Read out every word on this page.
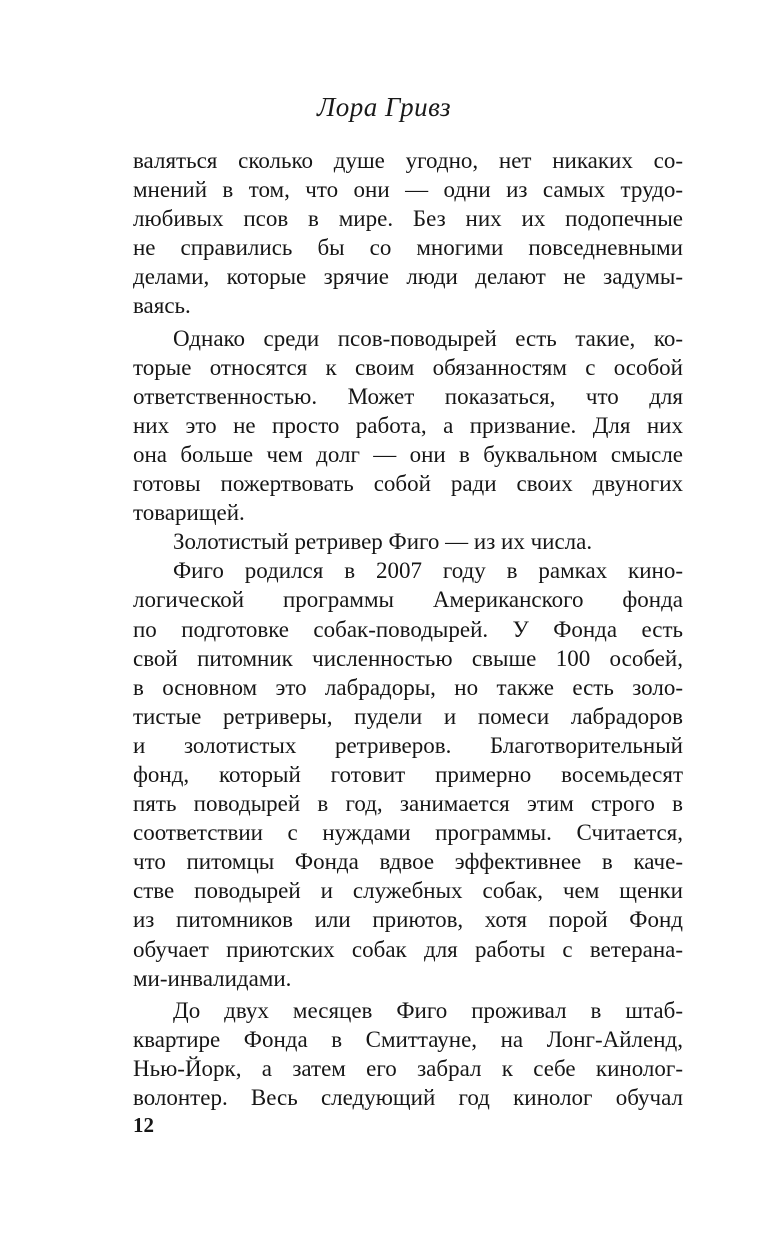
Лора Гривз
валяться сколько душе угодно, нет никаких со-
мнений в том, что они — одни из самых трудо-
любивых псов в мире. Без них их подопечные
не справились бы со многими повседневными
делами, которые зрячие люди делают не задумы-
ваясь.
Однако среди псов-поводырей есть такие, ко-
торые относятся к своим обязанностям с особой
ответственностью. Может показаться, что для
них это не просто работа, а призвание. Для них
она больше чем долг — они в буквальном смысле
готовы пожертвовать собой ради своих двуногих
товарищей.
Золотистый ретривер Фиго — из их числа.
Фиго родился в 2007 году в рамках кино-
логической программы Американского фонда
по подготовке собак-поводырей. У Фонда есть
свой питомник численностью свыше 100 особей,
в основном это лабрадоры, но также есть золо-
тистые ретриверы, пудели и помеси лабрадоров
и золотистых ретриверов. Благотворительный
фонд, который готовит примерно восемьдесят
пять поводырей в год, занимается этим строго в
соответствии с нуждами программы. Считается,
что питомцы Фонда вдвое эффективнее в каче-
стве поводырей и служебных собак, чем щенки
из питомников или приютов, хотя порой Фонд
обучает приютских собак для работы с ветерана-
ми-инвалидами.
До двух месяцев Фиго проживал в штаб-
квартире Фонда в Смиттауне, на Лонг-Айленд,
Нью-Йорк, а затем его забрал к себе кинолог-
волонтер. Весь следующий год кинолог обучал
12
